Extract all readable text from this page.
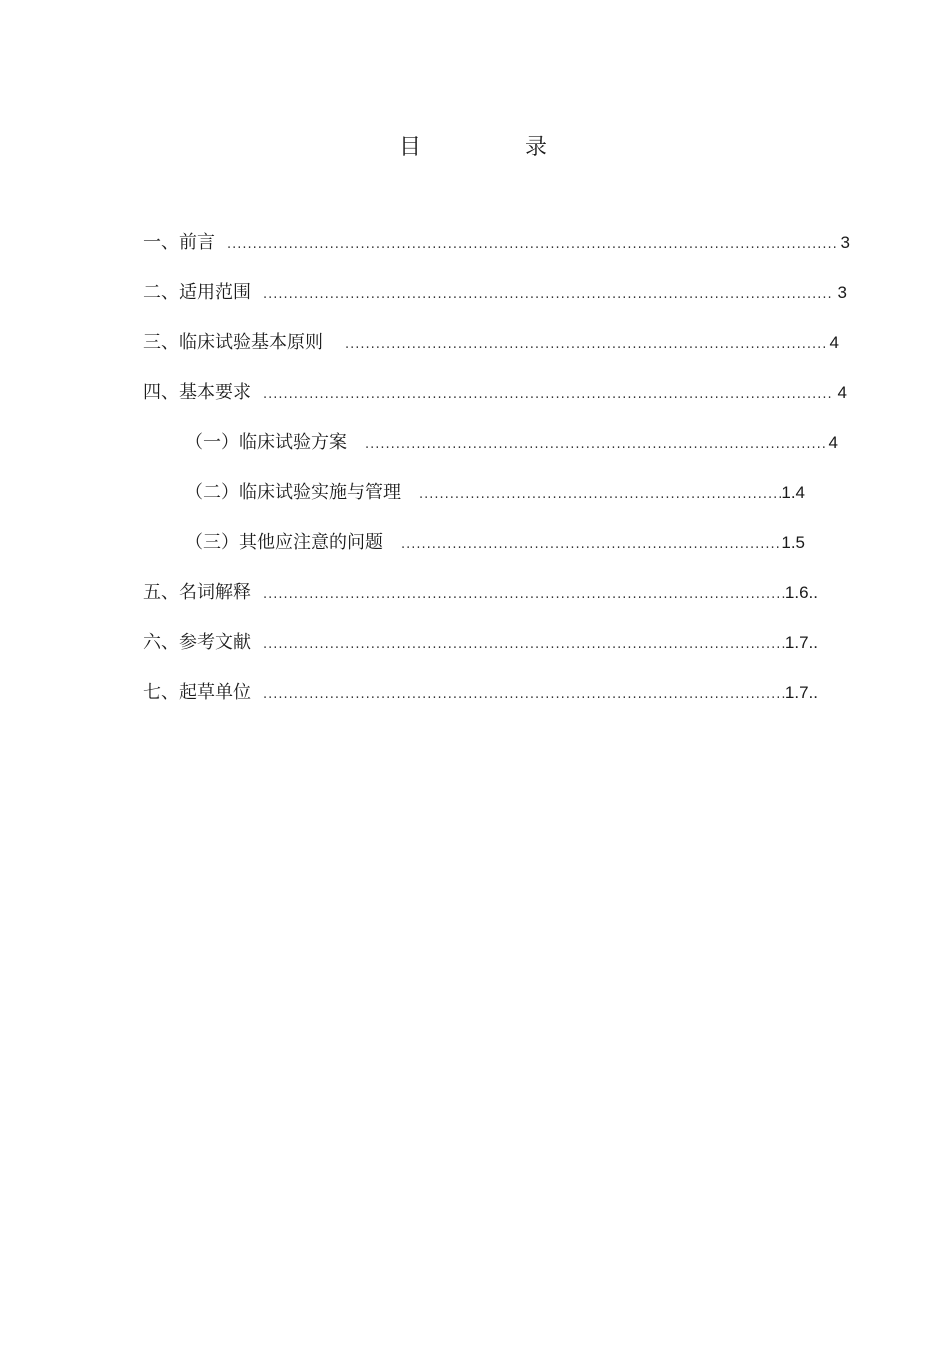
目	录
一、前言 .....	3
二、适用范围 .....	3
三、临床试验基本原则 .....	4
四、基本要求 .....	4
（一）临床试验方案 .....	4
（二）临床试验实施与管理 .....	1.4
（三）其他应注意的问题 .....	1.5
五、名词解释 .....	1.6..
六、参考文献 .....	1.7..
七、起草单位 .....	1.7..
